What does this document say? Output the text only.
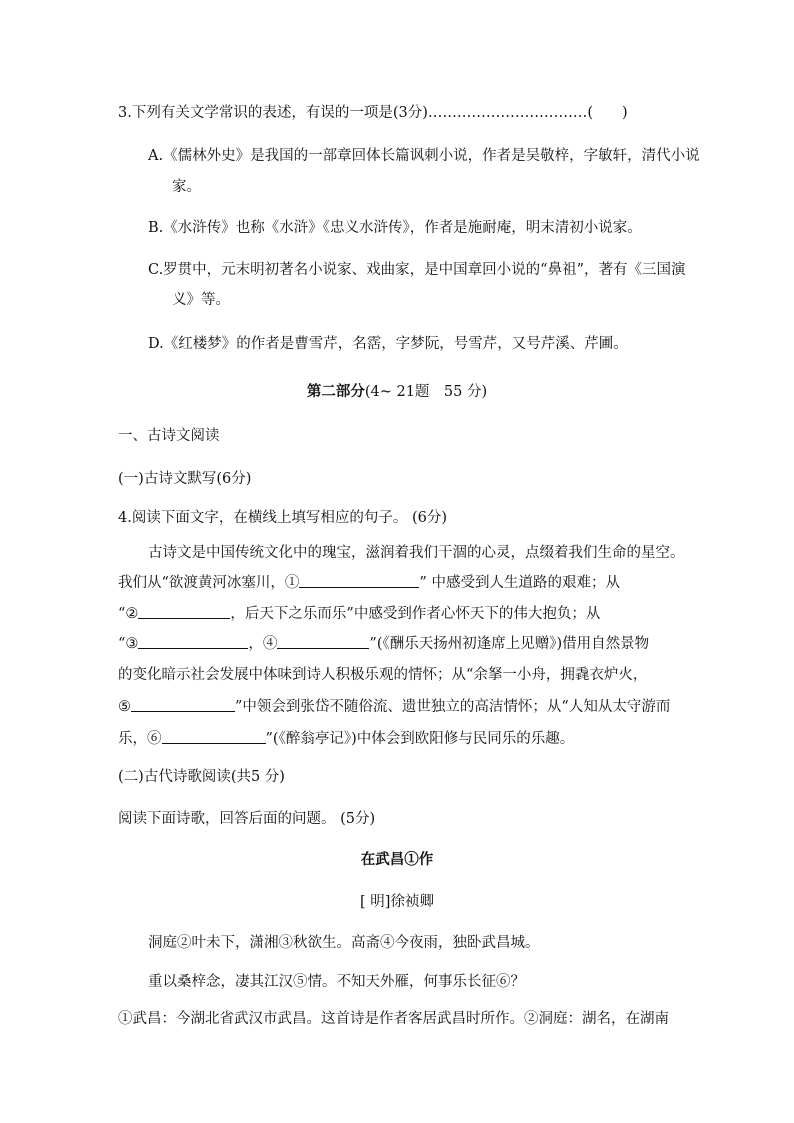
3.下列有关文学常识的表述，有误的一项是(3分)……………………………(　　)
A.《儒林外史》是我国的一部章回体长篇讽刺小说，作者是吴敬梓，字敏轩，清代小说
家。
B.《水浒传》也称《水浒》《忠义水浒传》，作者是施耐庵，明末清初小说家。
C.罗贯中，元末明初著名小说家、戏曲家，是中国章回小说的“鼻祖”，著有《三国演
义》等。
D.《红楼梦》的作者是曹雪芹，名霑，字梦阮，号雪芹，又号芹溪、芹圃。
第二部分(4~ 21题　55 分)
一、古诗文阅读
(一)古诗文默写(6分)
4.阅读下面文字，在横线上填写相应的句子。 (6分)
古诗文是中国传统文化中的瑰宝，滋润着我们干涸的心灵，点缀着我们生命的星空。
我们从“欲渡黄河冰塞川，①	” 中感受到人生道路的艰难；从
“②	，后天下之乐而乐”中感受到作者心怀天下的伟大抱负；从
“③	，④	”(《酬乐天扬州初逢席上见赠》)借用自然景物
的变化暗示社会发展中体味到诗人积极乐观的情怀；从“余拏一小舟，拥毳衣炉火，
⑤	”中领会到张岱不随俗流、遗世独立的高洁情怀；从“人知从太守游而
乐，⑥	”(《醉翁亭记》)中体会到欧阳修与民同乐的乐趣。
(二)古代诗歌阅读(共5 分)
阅读下面诗歌，回答后面的问题。 (5分)
在武昌①作
[ 明]徐祯卿
洞庭②叶未下，潇湘③秋欲生。高斋④今夜雨，独卧武昌城。
重以桑梓念，凄其江汉⑤情。不知天外雁，何事乐长征⑥？
①武昌：今湖北省武汉市武昌。这首诗是作者客居武昌时所作。②洞庭：湖名，在湖南
